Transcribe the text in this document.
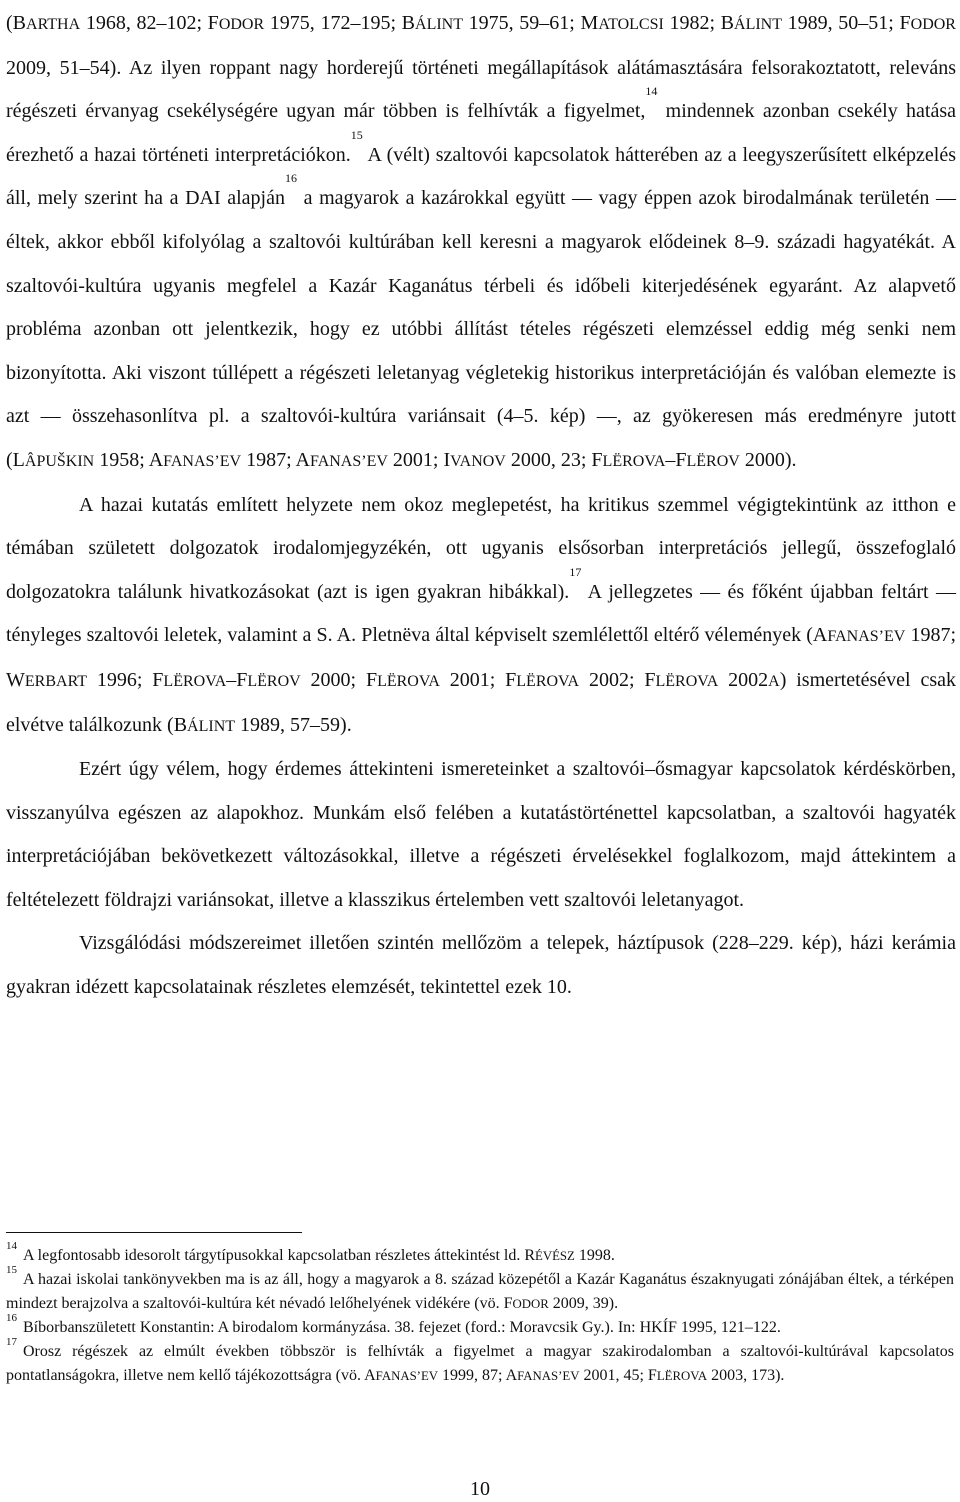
(BARTHA 1968, 82–102; FODOR 1975, 172–195; BÁLINT 1975, 59–61; MATOLCSI 1982; BÁLINT 1989, 50–51; FODOR 2009, 51–54). Az ilyen roppant nagy horderejű történeti megállapítások alátámasztására felsorakoztatott, releváns régészeti érvanyag csekélységére ugyan már többen is felhívták a figyelmet,$^{14}$ mindennek azonban csekély hatása érezhető a hazai történeti interpretációkon.$^{15}$ A (vélt) szaltovói kapcsolatok hátterében az a leegyszerűsített elképzelés áll, mely szerint ha a DAI alapján$^{16}$ a magyarok a kazárokkal együtt — vagy éppen azok birodalmának területén — éltek, akkor ebből kifolyólag a szaltovói kultúrában kell keresni a magyarok elődeinek 8–9. századi hagyatékát. A szaltovói-kultúra ugyanis megfelel a Kazár Kaganátus térbeli és időbeli kiterjedésének egyaránt. Az alapvető probléma azonban ott jelentkezik, hogy ez utóbbi állítást tételes régészeti elemzéssel eddig még senki nem bizonyította. Aki viszont túllépett a régészeti leletanyag végletekig historikus interpretációján és valóban elemezte is azt — összehasonlítva pl. a szaltovói-kultúra variánsait (4–5. kép) —, az gyökeresen más eredményre jutott (LÂPUŠKIN 1958; AFANAS’EV 1987; AFANAS’EV 2001; IVANOV 2000, 23; FLËROVA–FLËROV 2000).

A hazai kutatás említett helyzete nem okoz meglepetést, ha kritikus szemmel végigtekintünk az itthon e témában született dolgozatok irodalomjegyzékén, ott ugyanis elsősorban interpretációs jellegű, összefoglaló dolgozatokra találunk hivatkozásokat (azt is igen gyakran hibákkal).$^{17}$ A jellegzetes — és főként újabban feltárt — tényleges szaltovói leletek, valamint a S. A. Pletnëva által képviselt szemlélettől eltérő vélemények (AFANAS’EV 1987; WERBART 1996; FLËROVA–FLËROV 2000; FLËROVA 2001; FLËROVA 2002; FLËROVA 2002A) ismertetésével csak elvétve találkozunk (BÁLINT 1989, 57–59).

Ezért úgy vélem, hogy érdemes áttekinteni ismereteinket a szaltovói–ősmagyar kapcsolatok kérdéskörben, visszanyúlva egészen az alapokhoz. Munkám első felében a kutatástörténettel kapcsolatban, a szaltovói hagyaték interpretációjában bekövetkezett változásokkal, illetve a régészeti érvelésekkel foglalkozom, majd áttekintem a feltételezett földrajzi variánsokat, illetve a klasszikus értelemben vett szaltovói leletanyagot.

Vizsgálódási módszereimet illetően szintén mellőzöm a telepek, háztípusok (228–229. kép), házi kerámia gyakran idézett kapcsolatainak részletes elemzését, tekintettel ezek 10.

$^{14}$A legfontosabb idesorolt tárgytípusokkal kapcsolatban részletes áttekintést ld. RÉVÉSZ 1998.

$^{15}$A hazai iskolai tankönyvekben ma is az áll, hogy a magyarok a 8. század közepétől a Kazár Kaganátus északnyugati zónájában éltek, a térképen mindezt berajzolva a szaltovói-kultúra két névadó lelőhelyének vidékére (vö. FODOR 2009, 39).

$^{16}$Bíborbanszületett Konstantin: A birodalom kormányzása. 38. fejezet (ford.: Moravcsik Gy.). In: HKÍF 1995, 121–122.

$^{17}$Orosz régészek az elmúlt években többször is felhívták a figyelmet a magyar szakirodalomban a szaltovói-kultúrával kapcsolatos pontatlanságokra, illetve nem kellő tájékozottságra (vö. AFANAS’EV 1999, 87; AFANAS’EV 2001, 45; FLËROVA 2003, 173).

10
